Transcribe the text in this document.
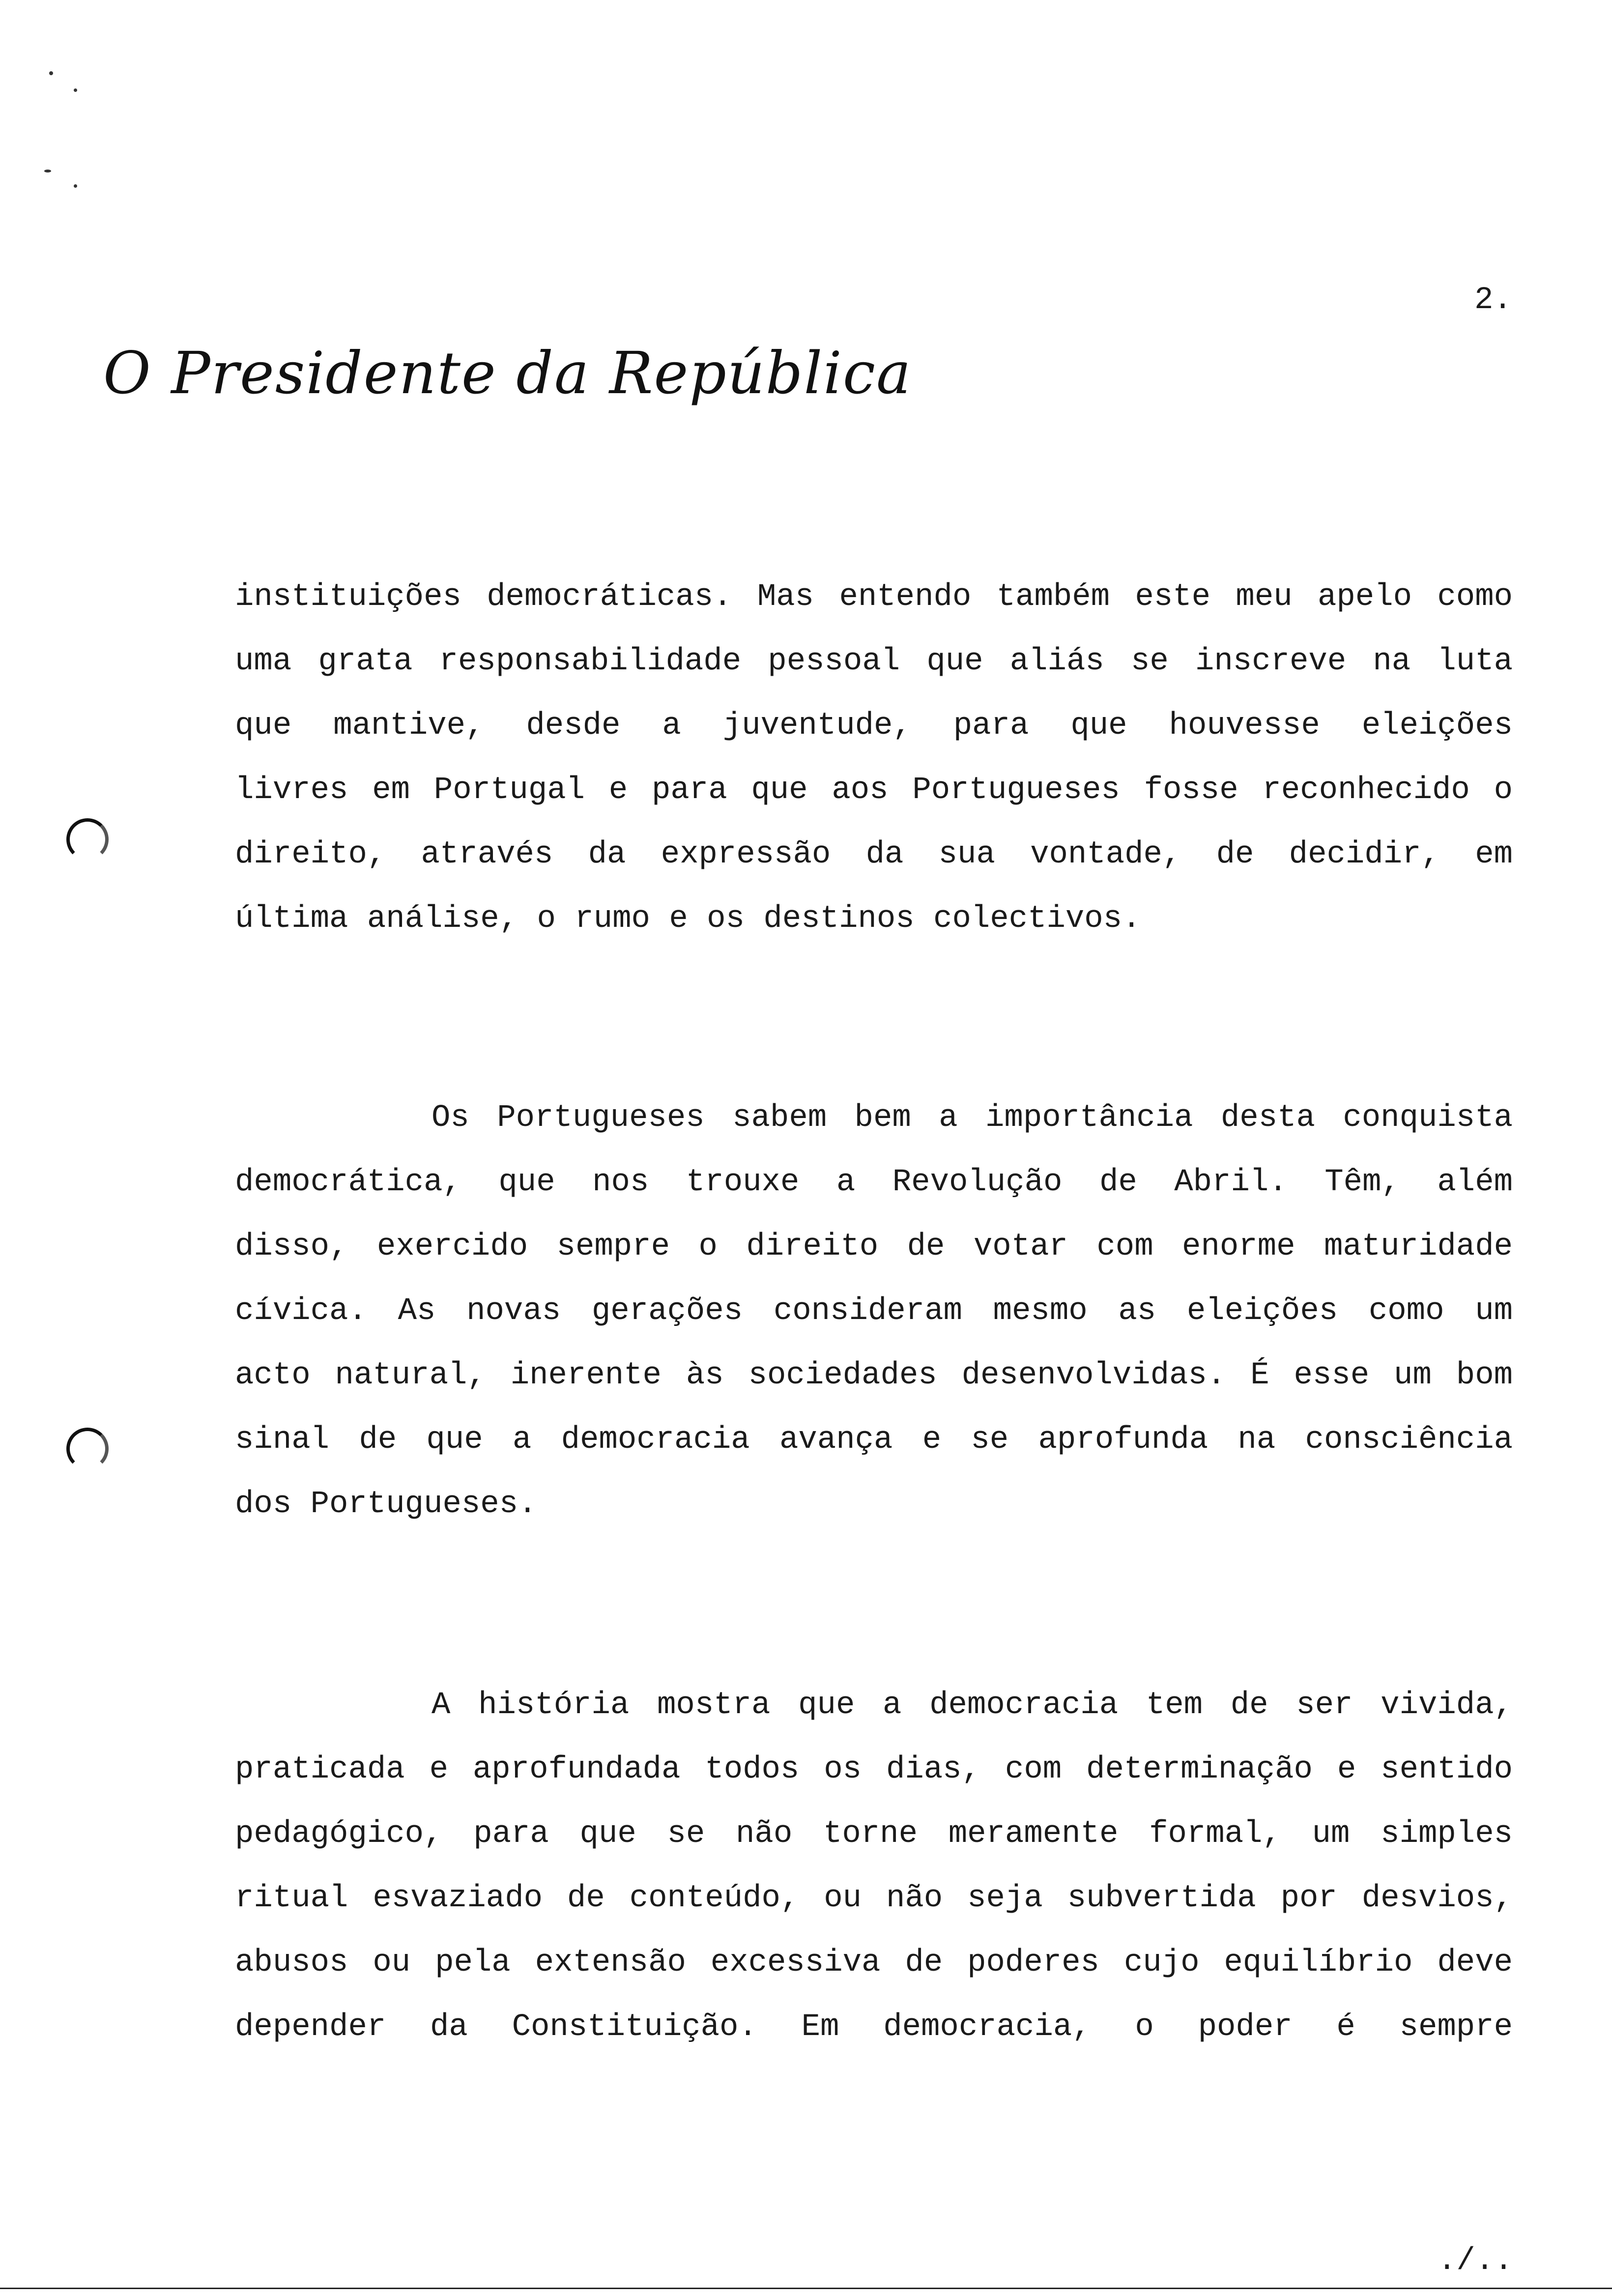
2.
O Presidente da República
instituições democráticas. Mas entendo também este meu apelo como
uma grata responsabilidade pessoal que aliás se inscreve na luta
que mantive, desde a juventude, para que houvesse eleições
livres em Portugal e para que aos Portugueses fosse reconhecido o
direito, através da expressão da sua vontade, de decidir, em
última análise, o rumo e os destinos colectivos.
Os Portugueses sabem bem a importância desta conquista
democrática, que nos trouxe a Revolução de Abril. Têm, além
disso, exercido sempre o direito de votar com enorme maturidade
cívica. As novas gerações consideram mesmo as eleições como um
acto natural, inerente às sociedades desenvolvidas. É esse um bom
sinal de que a democracia avança e se aprofunda na consciência
dos Portugueses.
A história mostra que a democracia tem de ser vivida,
praticada e aprofundada todos os dias, com determinação e sentido
pedagógico, para que se não torne meramente formal, um simples
ritual esvaziado de conteúdo, ou não seja subvertida por desvios,
abusos ou pela extensão excessiva de poderes cujo equilíbrio deve
depender da Constituição. Em democracia, o poder é sempre
./..
